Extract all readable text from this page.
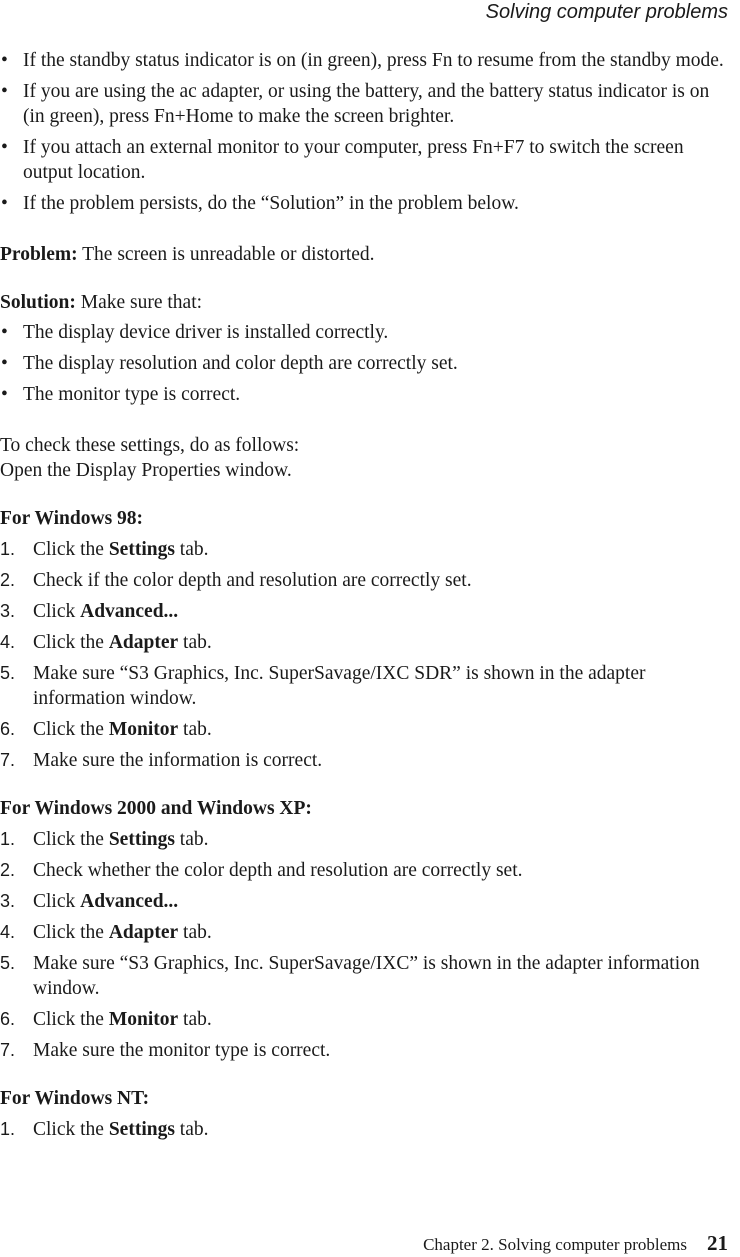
Solving computer problems
• If the standby status indicator is on (in green), press Fn to resume from the standby mode.
• If you are using the ac adapter, or using the battery, and the battery status indicator is on (in green), press Fn+Home to make the screen brighter.
• If you attach an external monitor to your computer, press Fn+F7 to switch the screen output location.
• If the problem persists, do the “Solution” in the problem below.

Problem: The screen is unreadable or distorted.

Solution: Make sure that:

• The display device driver is installed correctly.
• The display resolution and color depth are correctly set.
• The monitor type is correct.

To check these settings, do as follows:

Open the Display Properties window.

For Windows 98:

1. Click the Settings tab.
2. Check if the color depth and resolution are correctly set.
3. Click Advanced...
4. Click the Adapter tab.
5. Make sure “S3 Graphics, Inc. SuperSavage/IXC SDR” is shown in the adapter information window.
6. Click the Monitor tab.
7. Make sure the information is correct.

For Windows 2000 and Windows XP:

1. Click the Settings tab.
2. Check whether the color depth and resolution are correctly set.
3. Click Advanced...
4. Click the Adapter tab.
5. Make sure “S3 Graphics, Inc. SuperSavage/IXC” is shown in the adapter information window.
6. Click the Monitor tab.
7. Make sure the monitor type is correct.

For Windows NT:

1. Click the Settings tab.
Chapter 2. Solving computer problems 21
